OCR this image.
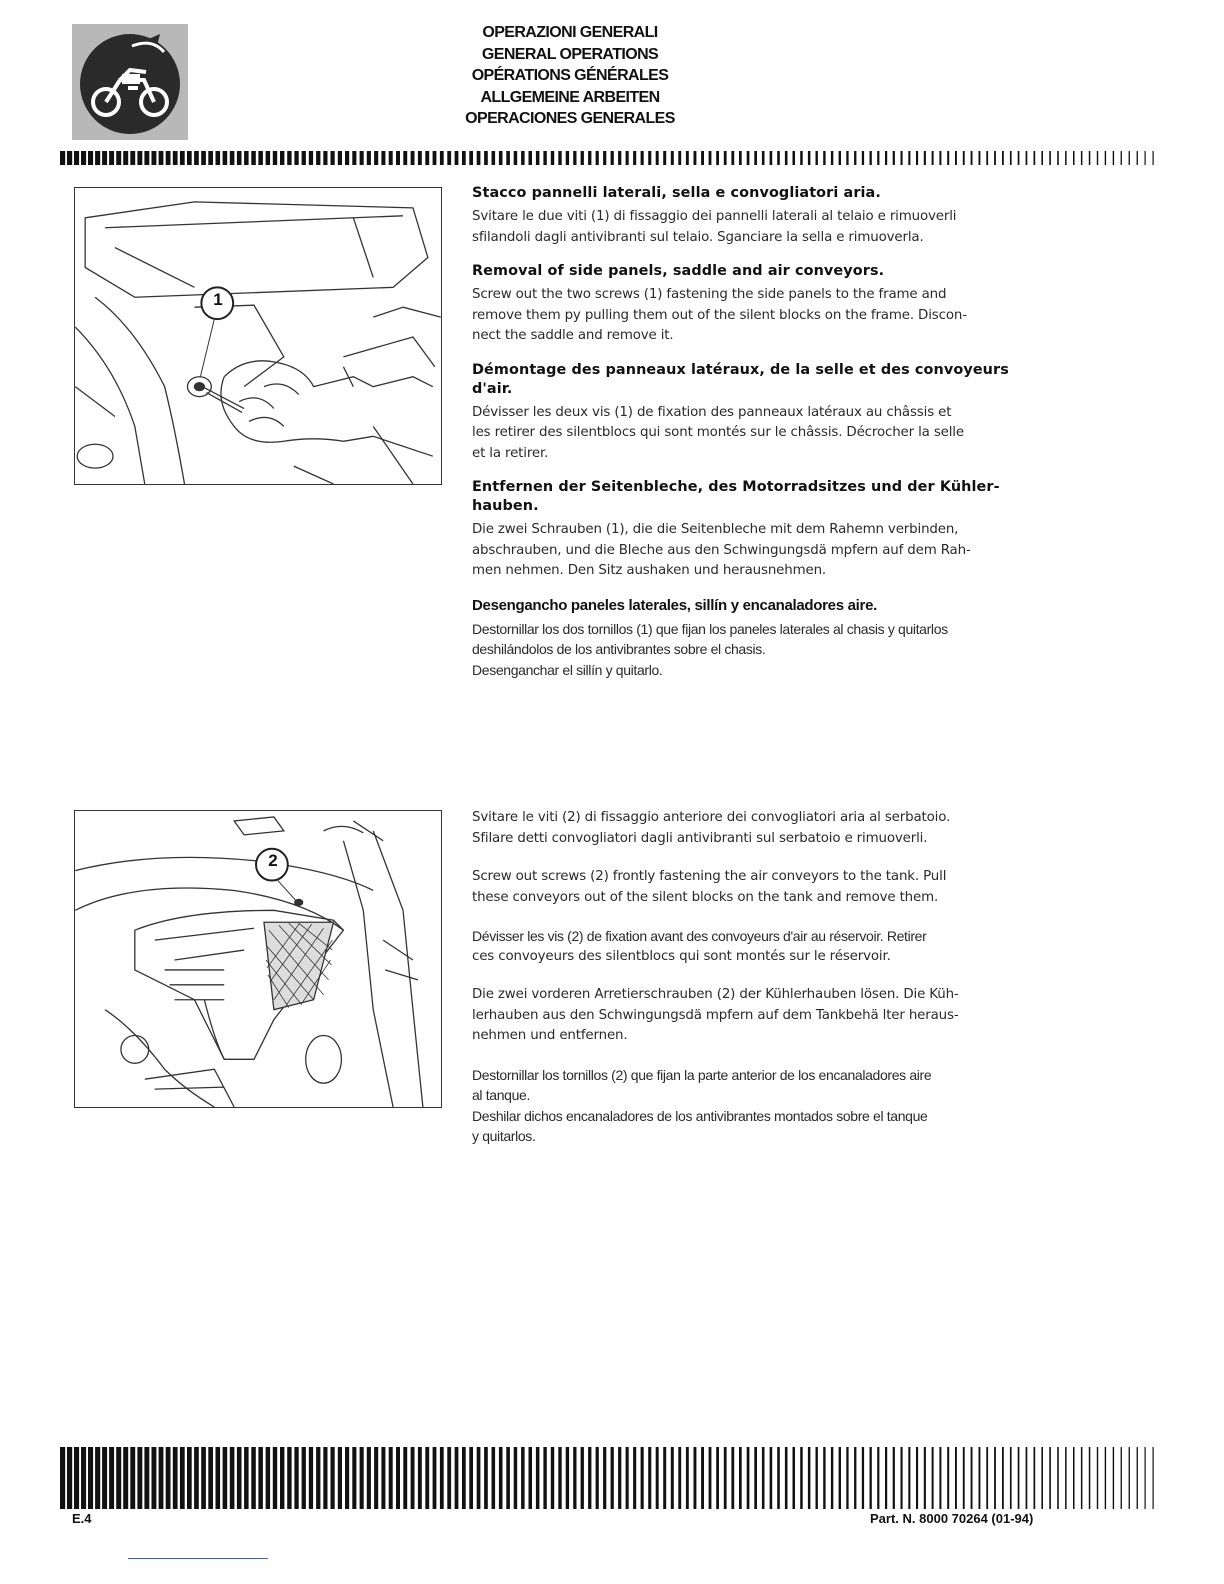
OPERAZIONI GENERALI
GENERAL OPERATIONS
OPÉRATIONS GÉNÉRALES
ALLGEMEINE ARBEITEN
OPERACIONES GENERALES
1
Stacco pannelli laterali, sella e convogliatori aria.

Svitare le due viti (1) di fissaggio dei pannelli laterali al telaio e rimuoverli

sfilandoli dagli antivibranti sul telaio. Sganciare la sella e rimuoverla.

Removal of side panels, saddle and air conveyors.

Screw out the two screws (1) fastening the side panels to the frame and

remove them py pulling them out of the silent blocks on the frame. Discon-

nect the saddle and remove it.

Démontage des panneaux latéraux, de la selle et des convoyeurs
d'air.

Dévisser les deux vis (1) de fixation des panneaux latéraux au châssis et

les retirer des silentblocs qui sont montés sur le châssis. Décrocher la selle

et la retirer.

Entfernen der Seitenbleche, des Motorradsitzes und der Kühler-
hauben.

Die zwei Schrauben (1), die die Seitenbleche mit dem Rahemn verbinden,

abschrauben, und die Bleche aus den Schwingungsdä mpfern auf dem Rah-

men nehmen. Den Sitz aushaken und herausnehmen.

Desengancho paneles laterales, sillín y encanaladores aire.

Destornillar los dos tornillos (1) que fijan los paneles laterales al chasis y quitarlos

deshilándolos de los antivibrantes sobre el chasis.

Desenganchar el sillín y quitarlo.

2

Svitare le viti (2) di fissaggio anteriore dei convogliatori aria al serbatoio.

Sfilare detti convogliatori dagli antivibranti sul serbatoio e rimuoverli.

Screw out screws (2) frontly fastening the air conveyors to the tank. Pull

these conveyors out of the silent blocks on the tank and remove them.

Dévisser les vis (2) de fixation avant des convoyeurs d'air au réservoir. Retirer

ces convoyeurs des silentblocs qui sont montés sur le réservoir.

Die zwei vorderen Arretierschrauben (2) der Kühlerhauben lösen. Die Küh-

lerhauben aus den Schwingungsdä mpfern auf dem Tankbehä lter heraus-

nehmen und entfernen.

Destornillar los tornillos (2) que fijan la parte anterior de los encanaladores aire

al tanque.

Deshilar dichos encanaladores de los antivibrantes montados sobre el tanque

y quitarlos.

E.4	Part. N. 8000 70264 (01-94)
